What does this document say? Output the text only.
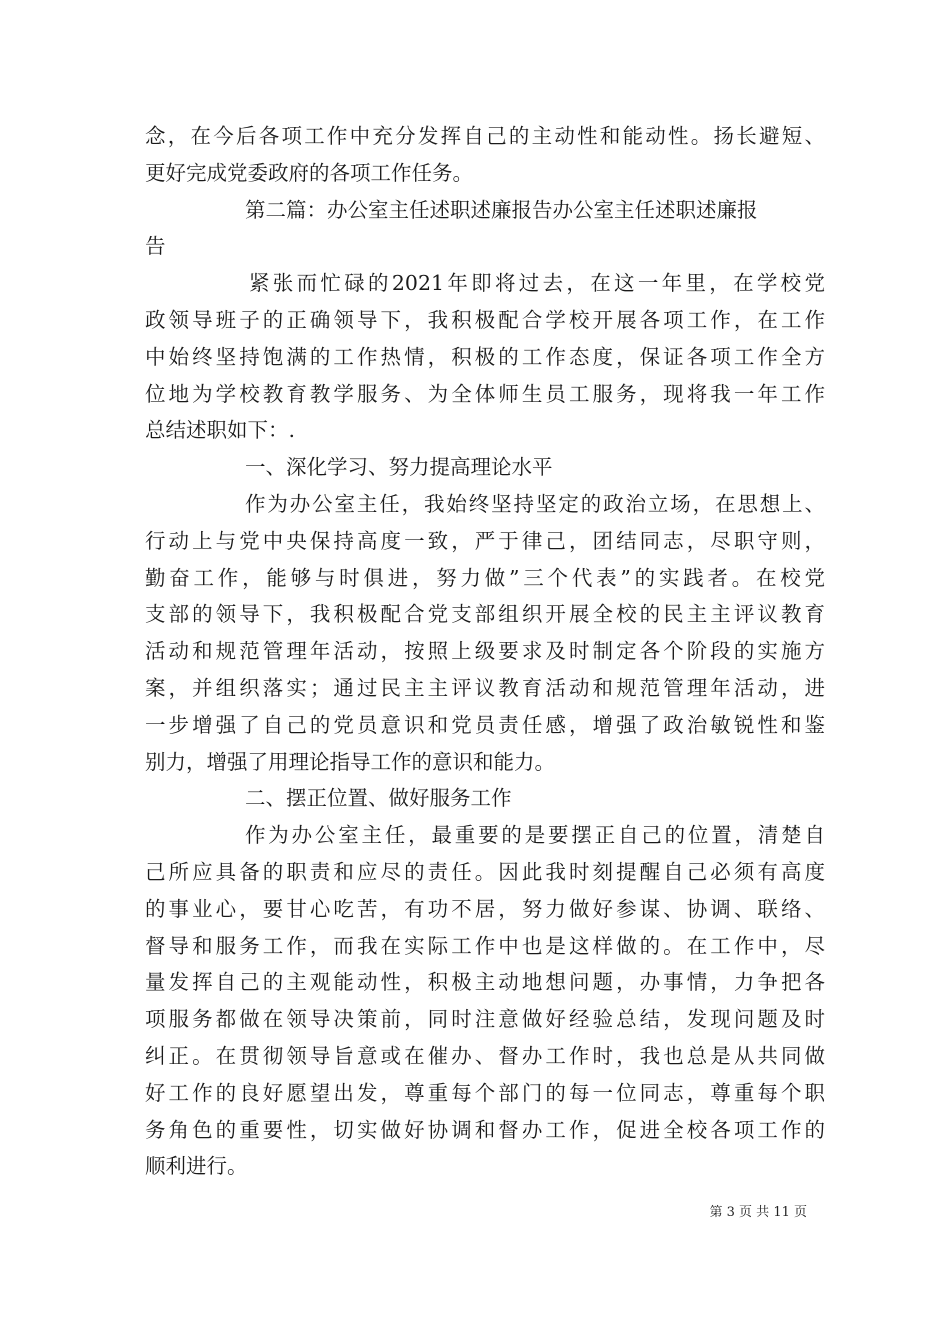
念，在今后各项工作中充分发挥自己的主动性和能动性。扬长避短、
更好完成党委政府的各项工作任务。
第二篇：办公室主任述职述廉报告办公室主任述职述廉报
告
紧张而忙碌的2021年即将过去，在这一年里，在学校党
政领导班子的正确领导下，我积极配合学校开展各项工作，在工作
中始终坚持饱满的工作热情，积极的工作态度，保证各项工作全方
位地为学校教育教学服务、为全体师生员工服务，现将我一年工作
总结述职如下：.
一、深化学习、努力提高理论水平
作为办公室主任，我始终坚持坚定的政治立场，在思想上、
行动上与党中央保持高度一致，严于律己，团结同志，尽职守则，
勤奋工作，能够与时俱进，努力做”三个代表”的实践者。在校党
支部的领导下，我积极配合党支部组织开展全校的民主主评议教育
活动和规范管理年活动，按照上级要求及时制定各个阶段的实施方
案，并组织落实；通过民主主评议教育活动和规范管理年活动，进
一步增强了自己的党员意识和党员责任感，增强了政治敏锐性和鉴
别力，增强了用理论指导工作的意识和能力。
二、摆正位置、做好服务工作
作为办公室主任，最重要的是要摆正自己的位置，清楚自
己所应具备的职责和应尽的责任。因此我时刻提醒自己必须有高度
的事业心，要甘心吃苦，有功不居，努力做好参谋、协调、联络、
督导和服务工作，而我在实际工作中也是这样做的。在工作中，尽
量发挥自己的主观能动性，积极主动地想问题，办事情，力争把各
项服务都做在领导决策前，同时注意做好经验总结，发现问题及时
纠正。在贯彻领导旨意或在催办、督办工作时，我也总是从共同做
好工作的良好愿望出发，尊重每个部门的每一位同志，尊重每个职
务角色的重要性，切实做好协调和督办工作，促进全校各项工作的
顺利进行。
第 3 页 共 11 页
